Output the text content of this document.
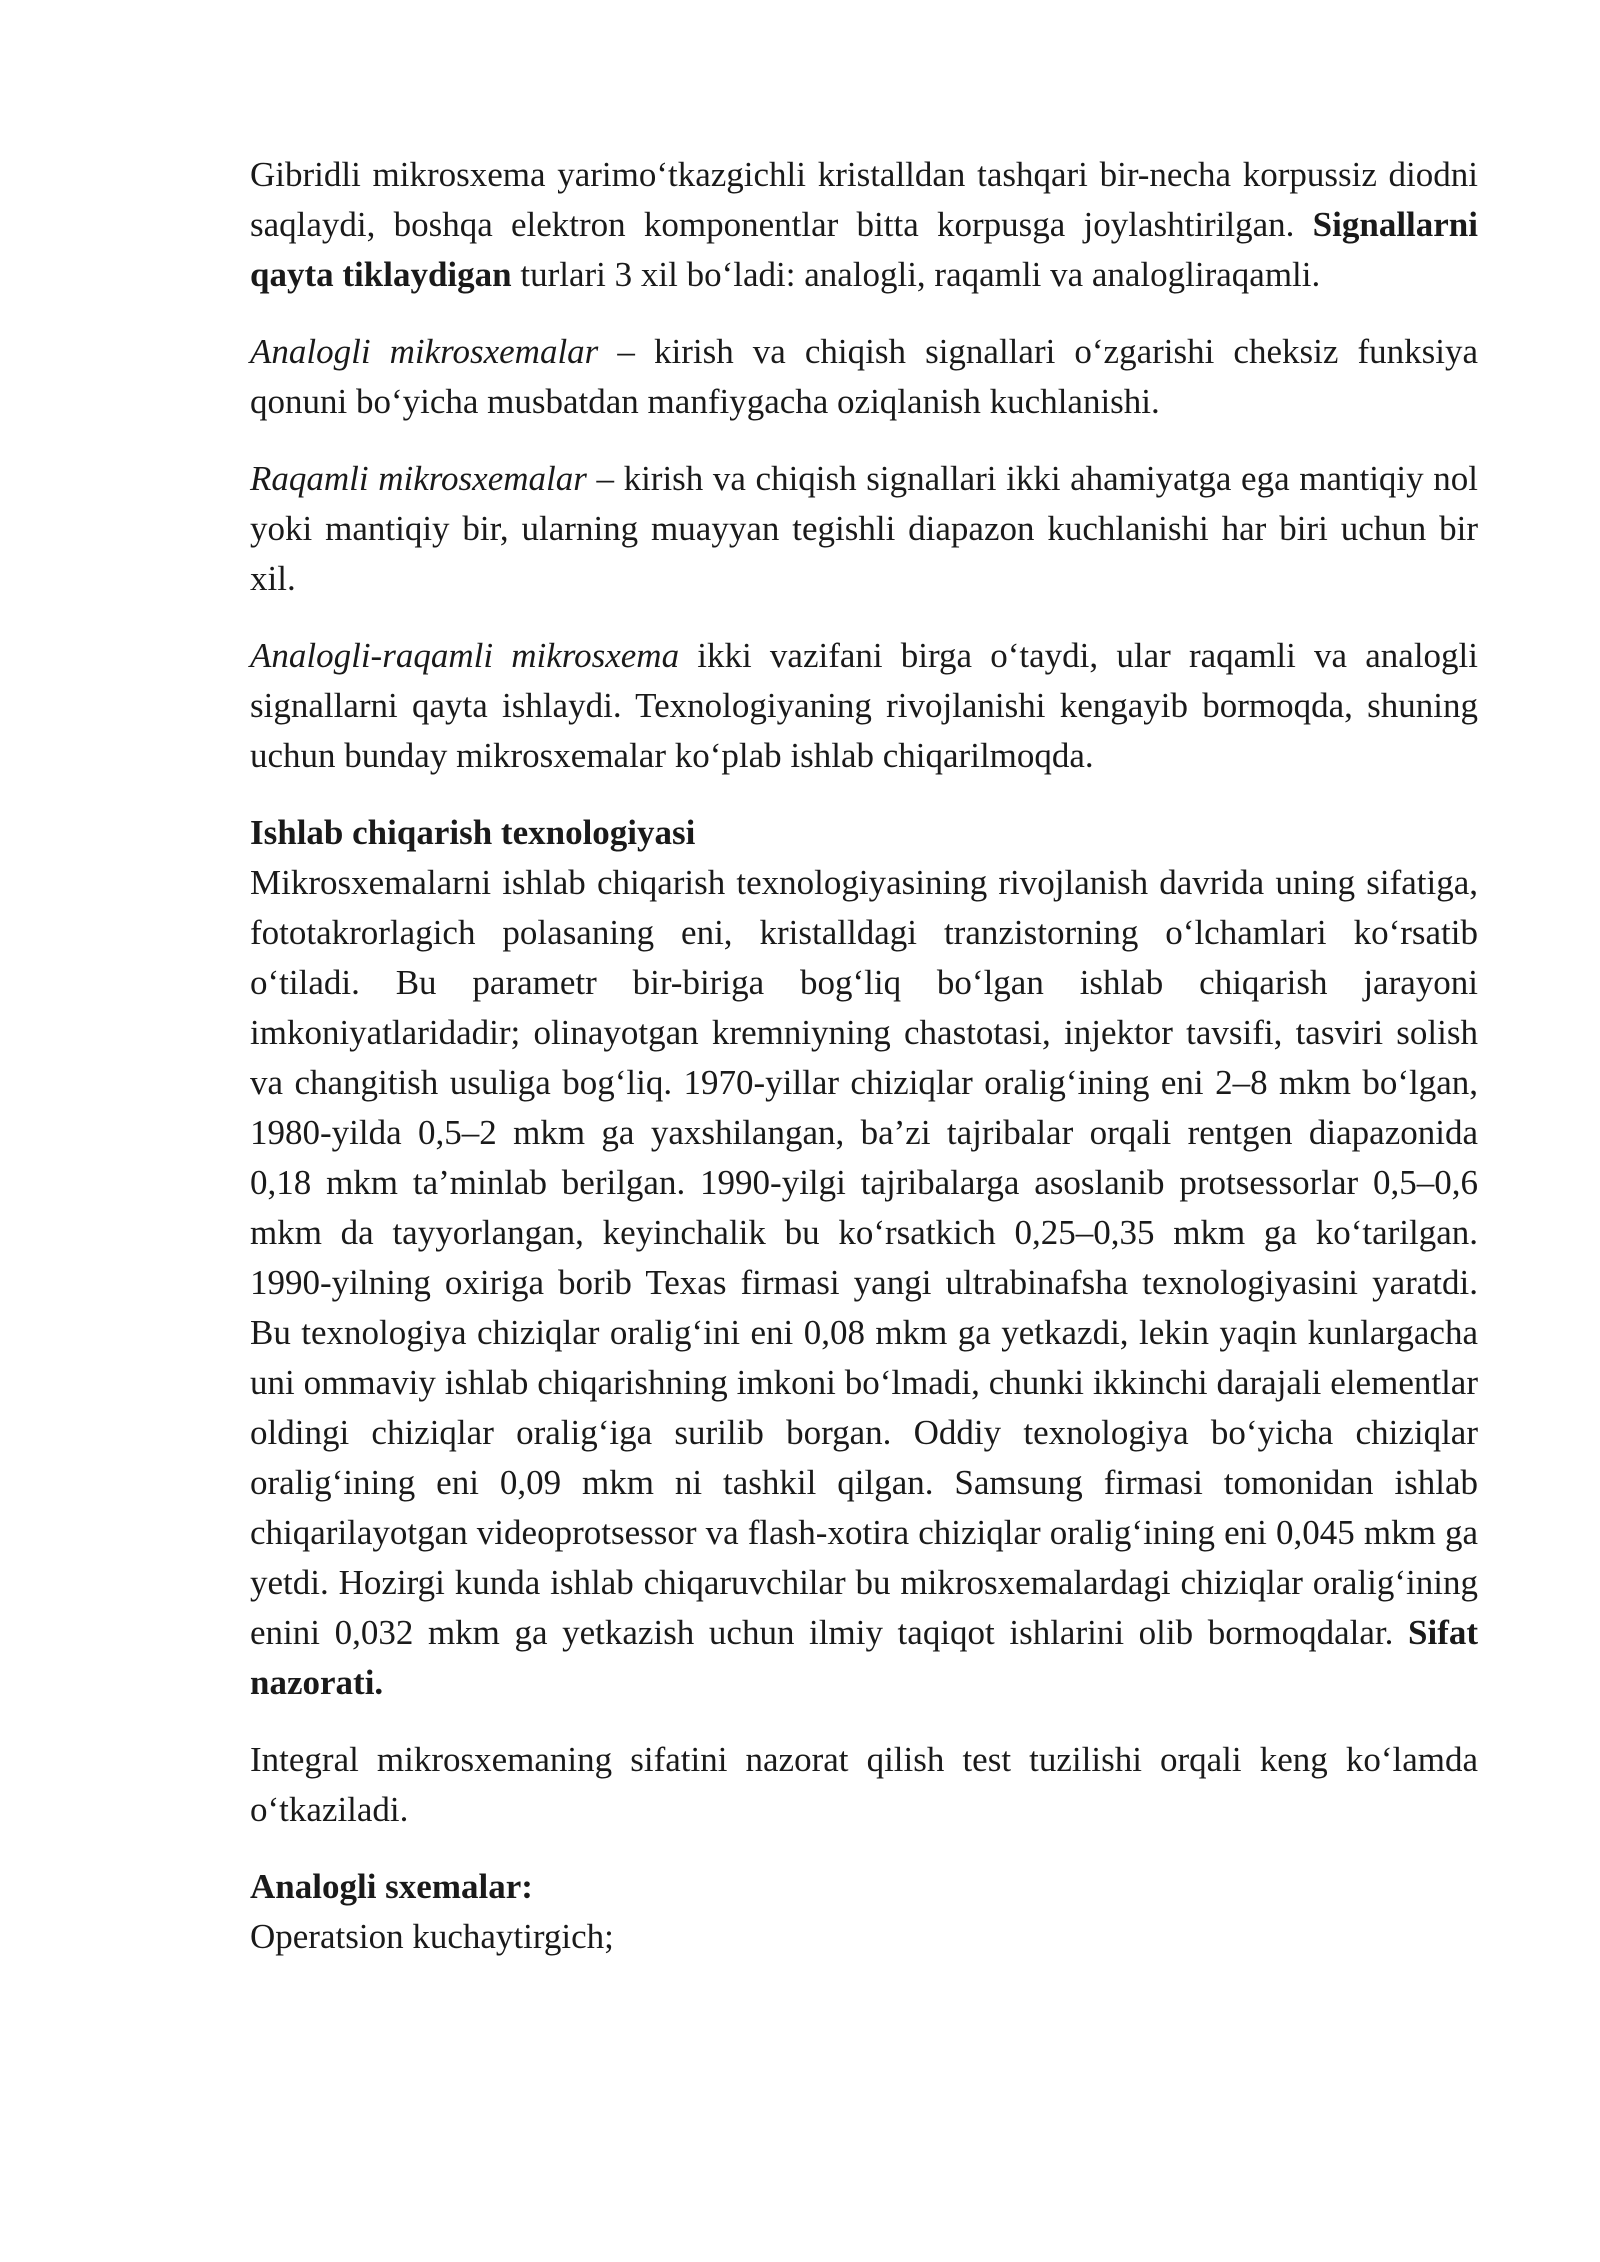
Gibridli mikrosxema yarimo‘tkazgichli kristalldan tashqari bir-necha korpussiz diodni saqlaydi, boshqa elektron komponentlar bitta korpusga joylashtirilgan. Signallarni qayta tiklaydigan turlari 3 xil bo‘ladi: analogli, raqamli va analogliraqamli.

Analogli mikrosxemalar – kirish va chiqish signallari o‘zgarishi cheksiz funksiya qonuni bo‘yicha musbatdan manfiygacha oziqlanish kuchlanishi.

Raqamli mikrosxemalar – kirish va chiqish signallari ikki ahamiyatga ega mantiqiy nol yoki mantiqiy bir, ularning muayyan tegishli diapazon kuchlanishi har biri uchun bir xil.

Analogli-raqamli mikrosxema ikki vazifani birga o‘taydi, ular raqamli va analogli signallarni qayta ishlaydi. Texnologiyaning rivojlanishi kengayib bormoqda, shuning uchun bunday mikrosxemalar ko‘plab ishlab chiqarilmoqda.

Ishlab chiqarish texnologiyasi

Mikrosxemalarni ishlab chiqarish texnologiyasining rivojlanish davrida uning sifatiga, fototakrorlagich polasaning eni, kristalldagi tranzistorning o‘lchamlari ko‘rsatib o‘tiladi. Bu parametr bir-biriga bog‘liq bo‘lgan ishlab chiqarish jarayoni imkoniyatlaridadir; olinayotgan kremniyning chastotasi, injektor tavsifi, tasviri solish va changitish usuliga bog‘liq. 1970-yillar chiziqlar oralig‘ining eni 2–8 mkm bo‘lgan, 1980-yilda 0,5–2 mkm ga yaxshilangan, ba’zi tajribalar orqali rentgen diapazonida 0,18 mkm ta’minlab berilgan. 1990-yilgi tajribalarga asoslanib protsessorlar 0,5–0,6 mkm da tayyorlangan, keyinchalik bu ko‘rsatkich 0,25–0,35 mkm ga ko‘tarilgan. 1990-yilning oxiriga borib Texas firmasi yangi ultrabinafsha texnologiyasini yaratdi. Bu texnologiya chiziqlar oralig‘ini eni 0,08 mkm ga yetkazdi, lekin yaqin kunlargacha uni ommaviy ishlab chiqarishning imkoni bo‘lmadi, chunki ikkinchi darajali elementlar oldingi chiziqlar oralig‘iga surilib borgan. Oddiy texnologiya bo‘yicha chiziqlar oralig‘ining eni 0,09 mkm ni tashkil qilgan. Samsung firmasi tomonidan ishlab chiqarilayotgan videoprotsessor va flash-xotira chiziqlar oralig‘ining eni 0,045 mkm ga yetdi. Hozirgi kunda ishlab chiqaruvchilar bu mikrosxemalardagi chiziqlar oralig‘ining enini 0,032 mkm ga yetkazish uchun ilmiy taqiqot ishlarini olib bormoqdalar. Sifat nazorati.

Integral mikrosxemaning sifatini nazorat qilish test tuzilishi orqali keng ko‘lamda o‘tkaziladi.

Analogli sxemalar:

Operatsion kuchaytirgich;
